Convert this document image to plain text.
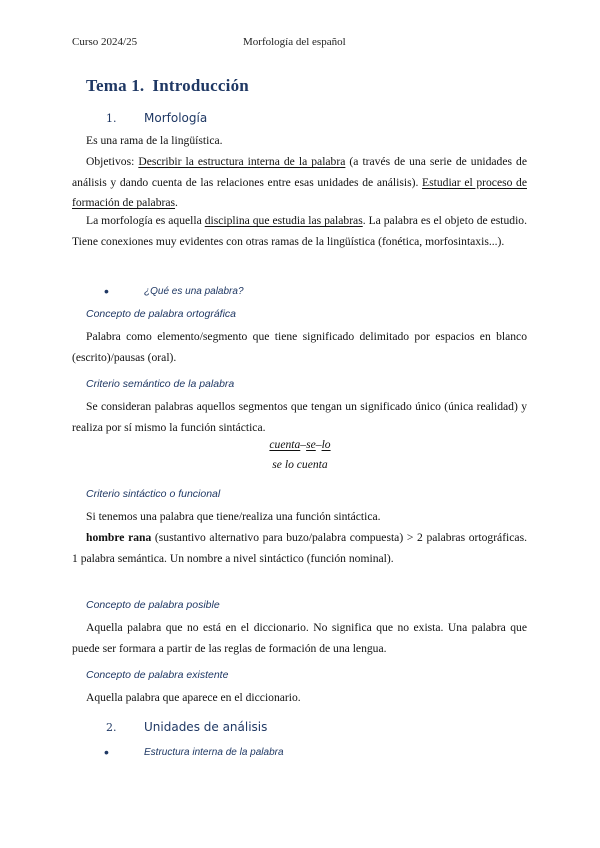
Curso 2024/25	Morfología del español
Tema 1. Introducción
1. Morfología
Es una rama de la lingüística.
Objetivos: Describir la estructura interna de la palabra (a través de una serie de unidades de análisis y dando cuenta de las relaciones entre esas unidades de análisis). Estudiar el proceso de formación de palabras.
La morfología es aquella disciplina que estudia las palabras. La palabra es el objeto de estudio. Tiene conexiones muy evidentes con otras ramas de la lingüística (fonética, morfosintaxis...).
•	¿Qué es una palabra?
Concepto de palabra ortográfica
Palabra como elemento/segmento que tiene significado delimitado por espacios en blanco (escrito)/pausas (oral).
Criterio semántico de la palabra
Se consideran palabras aquellos segmentos que tengan un significado único (única realidad) y realiza por sí mismo la función sintáctica.
cuenta–se–lo
se lo cuenta
Criterio sintáctico o funcional
Si tenemos una palabra que tiene/realiza una función sintáctica.
hombre rana (sustantivo alternativo para buzo/palabra compuesta) > 2 palabras ortográficas. 1 palabra semántica. Un nombre a nivel sintáctico (función nominal).
Concepto de palabra posible
Aquella palabra que no está en el diccionario. No significa que no exista. Una palabra que puede ser formara a partir de las reglas de formación de una lengua.
Concepto de palabra existente
Aquella palabra que aparece en el diccionario.
2. Unidades de análisis
•	Estructura interna de la palabra
